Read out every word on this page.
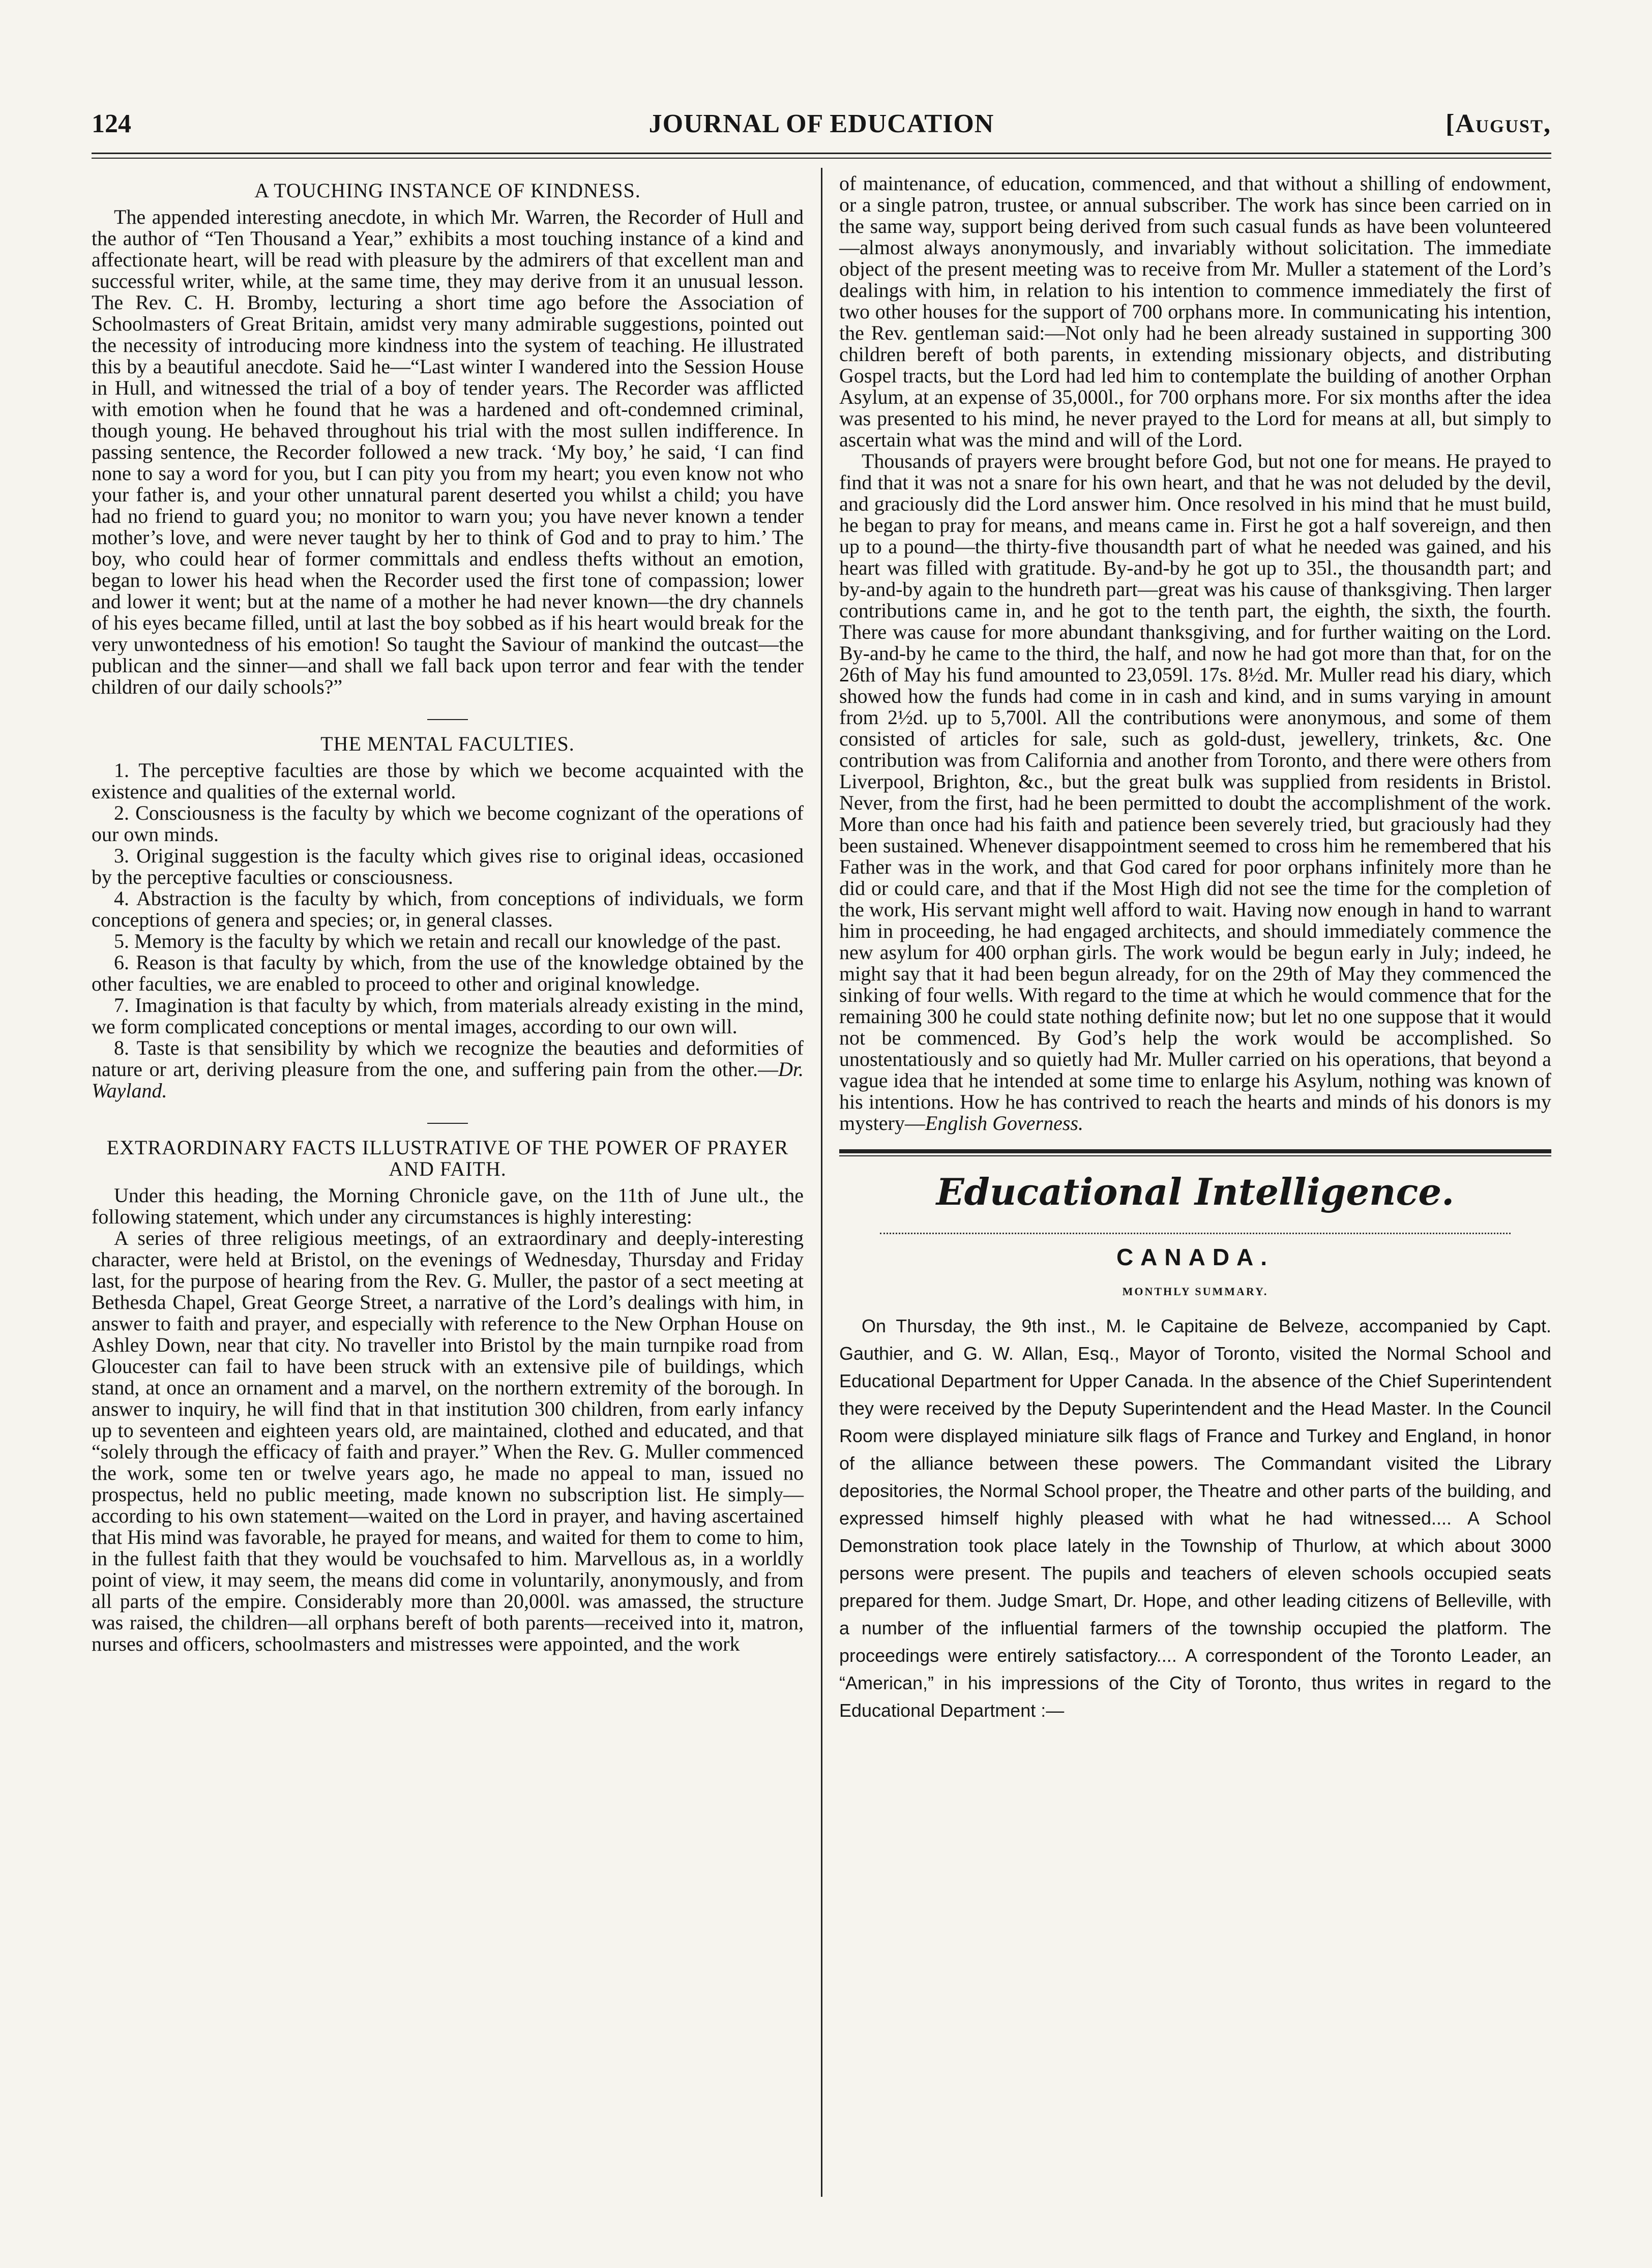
124	JOURNAL OF EDUCATION	[August,
A TOUCHING INSTANCE OF KINDNESS.

The appended interesting anecdote, in which Mr. Warren, the Recorder of Hull and the author of “Ten Thousand a Year,” exhibits a most touching instance of a kind and affectionate heart, will be read with pleasure by the admirers of that excellent man and successful writer, while, at the same time, they may derive from it an unusual lesson. The Rev. C. H. Bromby, lecturing a short time ago before the Association of Schoolmasters of Great Britain, amidst very many admirable suggestions, pointed out the necessity of introducing more kindness into the system of teaching. He illustrated this by a beautiful anecdote. Said he—“Last winter I wandered into the Session House in Hull, and witnessed the trial of a boy of tender years. The Recorder was afflicted with emotion when he found that he was a hardened and oft-condemned criminal, though young. He behaved throughout his trial with the most sullen indifference. In passing sentence, the Recorder followed a new track. ‘My boy,’ he said, ‘I can find none to say a word for you, but I can pity you from my heart; you even know not who your father is, and your other unnatural parent deserted you whilst a child; you have had no friend to guard you; no monitor to warn you; you have never known a tender mother’s love, and were never taught by her to think of God and to pray to him.’ The boy, who could hear of former committals and endless thefts without an emotion, began to lower his head when the Recorder used the first tone of compassion; lower and lower it went; but at the name of a mother he had never known—the dry channels of his eyes became filled, until at last the boy sobbed as if his heart would break for the very unwontedness of his emotion! So taught the Saviour of mankind the outcast—the publican and the sinner—and shall we fall back upon terror and fear with the tender children of our daily schools?”

THE MENTAL FACULTIES.

1. The perceptive faculties are those by which we become acquainted with the existence and qualities of the external world.

2. Consciousness is the faculty by which we become cognizant of the operations of our own minds.

3. Original suggestion is the faculty which gives rise to original ideas, occasioned by the perceptive faculties or consciousness.

4. Abstraction is the faculty by which, from conceptions of individuals, we form conceptions of genera and species; or, in general classes.

5. Memory is the faculty by which we retain and recall our knowledge of the past.

6. Reason is that faculty by which, from the use of the knowledge obtained by the other faculties, we are enabled to proceed to other and original knowledge.

7. Imagination is that faculty by which, from materials already existing in the mind, we form complicated conceptions or mental images, according to our own will.

8. Taste is that sensibility by which we recognize the beauties and deformities of nature or art, deriving pleasure from the one, and suffering pain from the other.—Dr. Wayland.

EXTRAORDINARY FACTS ILLUSTRATIVE OF THE POWER OF PRAYER AND FAITH.

Under this heading, the Morning Chronicle gave, on the 11th of June ult., the following statement, which under any circumstances is highly interesting:

A series of three religious meetings, of an extraordinary and deeply-interesting character, were held at Bristol, on the evenings of Wednesday, Thursday and Friday last, for the purpose of hearing from the Rev. G. Muller, the pastor of a sect meeting at Bethesda Chapel, Great George Street, a narrative of the Lord’s dealings with him, in answer to faith and prayer, and especially with reference to the New Orphan House on Ashley Down, near that city. No traveller into Bristol by the main turnpike road from Gloucester can fail to have been struck with an extensive pile of buildings, which stand, at once an ornament and a marvel, on the northern extremity of the borough. In answer to inquiry, he will find that in that institution 300 children, from early infancy up to seventeen and eighteen years old, are maintained, clothed and educated, and that “solely through the efficacy of faith and prayer.” When the Rev. G. Muller commenced the work, some ten or twelve years ago, he made no appeal to man, issued no prospectus, held no public meeting, made known no subscription list. He simply—according to his own statement—waited on the Lord in prayer, and having ascertained that His mind was favorable, he prayed for means, and waited for them to come to him, in the fullest faith that they would be vouchsafed to him. Marvellous as, in a worldly point of view, it may seem, the means did come in voluntarily, anonymously, and from all parts of the empire. Considerably more than 20,000l. was amassed, the structure was raised, the children—all orphans bereft of both parents—received into it, matron, nurses and officers, schoolmasters and mistresses were appointed, and the work

of maintenance, of education, commenced, and that without a shilling of endowment, or a single patron, trustee, or annual subscriber. The work has since been carried on in the same way, support being derived from such casual funds as have been volunteered—almost always anonymously, and invariably without solicitation. The immediate object of the present meeting was to receive from Mr. Muller a statement of the Lord’s dealings with him, in relation to his intention to commence immediately the first of two other houses for the support of 700 orphans more. In communicating his intention, the Rev. gentleman said:—Not only had he been already sustained in supporting 300 children bereft of both parents, in extending missionary objects, and distributing Gospel tracts, but the Lord had led him to contemplate the building of another Orphan Asylum, at an expense of 35,000l., for 700 orphans more. For six months after the idea was presented to his mind, he never prayed to the Lord for means at all, but simply to ascertain what was the mind and will of the Lord.

Thousands of prayers were brought before God, but not one for means. He prayed to find that it was not a snare for his own heart, and that he was not deluded by the devil, and graciously did the Lord answer him. Once resolved in his mind that he must build, he began to pray for means, and means came in. First he got a half sovereign, and then up to a pound—the thirty-five thousandth part of what he needed was gained, and his heart was filled with gratitude. By-and-by he got up to 35l., the thousandth part; and by-and-by again to the hundreth part—great was his cause of thanksgiving. Then larger contributions came in, and he got to the tenth part, the eighth, the sixth, the fourth. There was cause for more abundant thanksgiving, and for further waiting on the Lord. By-and-by he came to the third, the half, and now he had got more than that, for on the 26th of May his fund amounted to 23,059l. 17s. 8½d. Mr. Muller read his diary, which showed how the funds had come in in cash and kind, and in sums varying in amount from 2½d. up to 5,700l. All the contributions were anonymous, and some of them consisted of articles for sale, such as gold-dust, jewellery, trinkets, &c. One contribution was from California and another from Toronto, and there were others from Liverpool, Brighton, &c., but the great bulk was supplied from residents in Bristol. Never, from the first, had he been permitted to doubt the accomplishment of the work. More than once had his faith and patience been severely tried, but graciously had they been sustained. Whenever disappointment seemed to cross him he remembered that his Father was in the work, and that God cared for poor orphans infinitely more than he did or could care, and that if the Most High did not see the time for the completion of the work, His servant might well afford to wait. Having now enough in hand to warrant him in proceeding, he had engaged architects, and should immediately commence the new asylum for 400 orphan girls. The work would be begun early in July; indeed, he might say that it had been begun already, for on the 29th of May they commenced the sinking of four wells. With regard to the time at which he would commence that for the remaining 300 he could state nothing definite now; but let no one suppose that it would not be commenced. By God’s help the work would be accomplished. So unostentatiously and so quietly had Mr. Muller carried on his operations, that beyond a vague idea that he intended at some time to enlarge his Asylum, nothing was known of his intentions. How he has contrived to reach the hearts and minds of his donors is my mystery—English Governess.

Educational Intelligence.
CANADA.
MONTHLY SUMMARY.

On Thursday, the 9th inst., M. le Capitaine de Belveze, accompanied by Capt. Gauthier, and G. W. Allan, Esq., Mayor of Toronto, visited the Normal School and Educational Department for Upper Canada. In the absence of the Chief Superintendent they were received by the Deputy Superintendent and the Head Master. In the Council Room were displayed miniature silk flags of France and Turkey and England, in honor of the alliance between these powers. The Commandant visited the Library depositories, the Normal School proper, the Theatre and other parts of the building, and expressed himself highly pleased with what he had witnessed.... A School Demonstration took place lately in the Township of Thurlow, at which about 3000 persons were present. The pupils and teachers of eleven schools occupied seats prepared for them. Judge Smart, Dr. Hope, and other leading citizens of Belleville, with a number of the influential farmers of the township occupied the platform. The proceedings were entirely satisfactory.... A correspondent of the Toronto Leader, an “American,” in his impressions of the City of Toronto, thus writes in regard to the Educational Department :—
